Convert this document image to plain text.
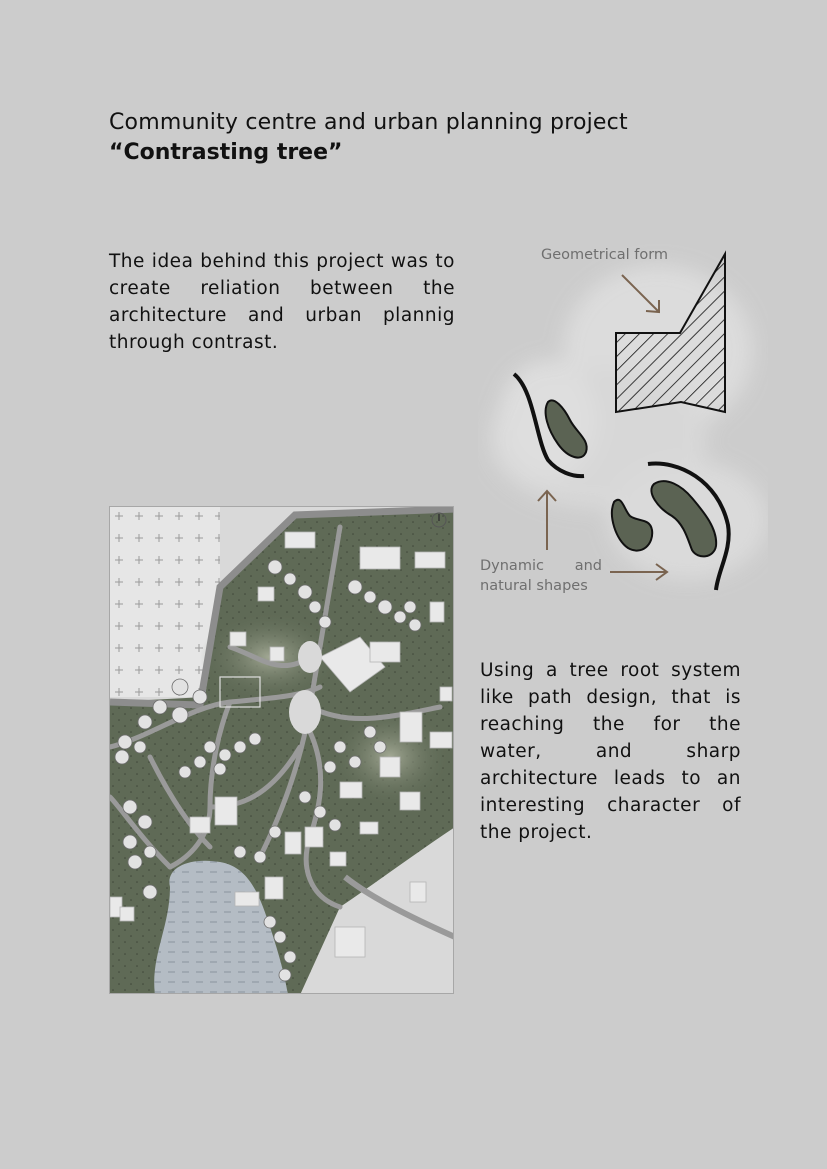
Community centre and urban planning project
“Contrasting tree”
The idea behind this project was to create reliation between the architecture and urban plannig through contrast.
Geometrical form
Dynamic and
natural shapes
Using a tree root system like path design, that is reaching the for the water, and sharp architecture leads to an interesting character of the project.
